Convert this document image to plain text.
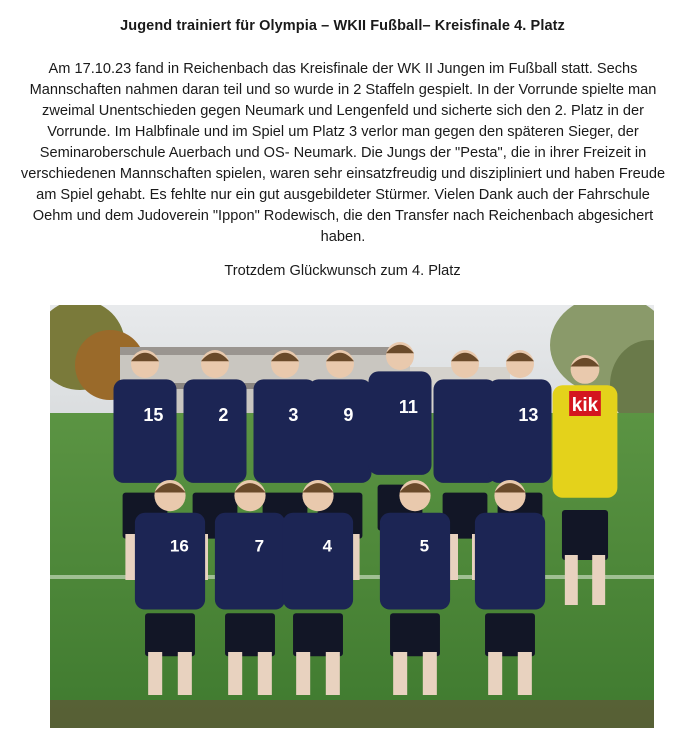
Jugend trainiert für Olympia – WKII Fußball– Kreisfinale 4. Platz
Am 17.10.23 fand in Reichenbach das Kreisfinale der WK II Jungen im Fußball statt. Sechs Mannschaften nahmen daran teil und so wurde in 2 Staffeln gespielt. In der Vorrunde spielte man zweimal Unentschieden gegen Neumark und Lengenfeld und sicherte sich den 2. Platz in der Vorrunde. Im Halbfinale und im Spiel um Platz 3 verlor man gegen den späteren Sieger, der Seminaroberschule Auerbach und OS- Neumark. Die Jungs der "Pesta", die in ihrer Freizeit in verschiedenen Mannschaften spielen, waren sehr einsatzfreudig und diszipliniert und haben Freude am Spiel gehabt. Es fehlte nur ein gut ausgebildeter Stürmer. Vielen Dank auch der Fahrschule Oehm und dem Judoverein "Ippon" Rodewisch, die den Transfer nach Reichenbach abgesichert haben.
Trotzdem Glückwunsch zum 4. Platz
15	2	3 9	11	13 kik
16	7	4	5
